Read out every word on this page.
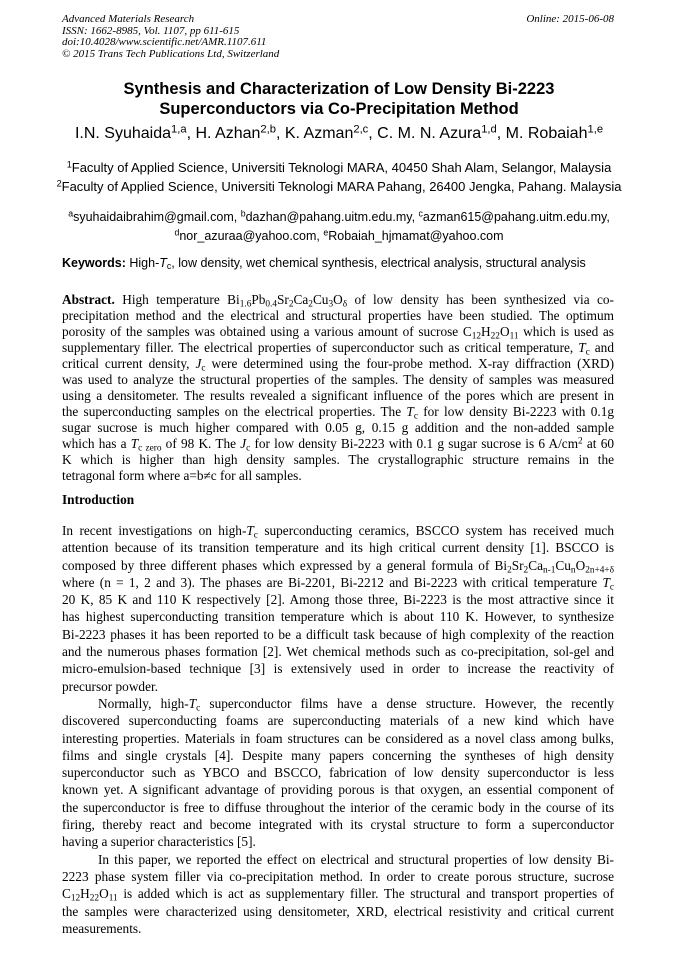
Advanced Materials Research
ISSN: 1662-8985, Vol. 1107, pp 611-615
doi:10.4028/www.scientific.net/AMR.1107.611
© 2015 Trans Tech Publications Ltd, Switzerland
Online: 2015-06-08
Synthesis and Characterization of Low Density Bi-2223
Superconductors via Co-Precipitation Method
I.N. Syuhaida$^{1,a}$, H. Azhan$^{2,b}$, K. Azman$^{2,c}$, C. M. N. Azura$^{1,d}$, M. Robaiah$^{1,e}$
$^1$Faculty of Applied Science, Universiti Teknologi MARA, 40450 Shah Alam, Selangor, Malaysia
$^2$Faculty of Applied Science, Universiti Teknologi MARA Pahang, 26400 Jengka, Pahang. Malaysia
$^a$syuhaidaibrahim@gmail.com, $^b$dazhan@pahang.uitm.edu.my, $^c$azman615@pahang.uitm.edu.my,
$^d$nor_azuraa@yahoo.com, $^e$Robaiah_hjmamat@yahoo.com
Keywords: High-$T_c$, low density, wet chemical synthesis, electrical analysis, structural analysis
Abstract. High temperature $Bi_{1.6}Pb_{0.4}Sr_2Ca_2Cu_3O_\delta$ of low density has been synthesized via co-
precipitation method and the electrical and structural properties have been studied. The optimum
porosity of the samples was obtained using a various amount of sucrose $C_{12}H_{22}O_{11}$ which is used as
supplementary filler. The electrical properties of superconductor such as critical temperature, $T_c$ and
critical current density, $J_c$ were determined using the four-probe method. X-ray diffraction (XRD)
was used to analyze the structural properties of the samples. The density of samples was measured
using a densitometer. The results revealed a significant influence of the pores which are present in
the superconducting samples on the electrical properties. The $T_c$ for low density Bi-2223 with 0.1g
sugar sucrose is much higher compared with 0.05 g, 0.15 g addition and the non-added sample
which has a $T_{c zero}$ of 98 K. The $J_c$ for low density Bi-2223 with 0.1 g sugar sucrose is 6 $A/cm^2$ at 60
K which is higher than high density samples. The crystallographic structure remains in the
tetragonal form where a=b≠c for all samples.
Introduction
In recent investigations on high-$T_c$ superconducting ceramics, BSCCO system has received much
attention because of its transition temperature and its high critical current density [1]. BSCCO is
composed by three different phases which expressed by a general formula of $Bi_2Sr_2Ca_{n-1}Cu_nO_{2n+4+\delta}$
where (n = 1, 2 and 3). The phases are Bi-2201, Bi-2212 and Bi-2223 with critical temperature $T_c$
20 K, 85 K and 110 K respectively [2]. Among those three, Bi-2223 is the most attractive since it
has highest superconducting transition temperature which is about 110 K. However, to synthesize
Bi-2223 phases it has been reported to be a difficult task because of high complexity of the reaction
and the numerous phases formation [2]. Wet chemical methods such as co-precipitation, sol-gel and
micro-emulsion-based technique [3] is extensively used in order to increase the reactivity of
precursor powder.
Normally, high-$T_c$ superconductor films have a dense structure. However, the recently
discovered superconducting foams are superconducting materials of a new kind which have
interesting properties. Materials in foam structures can be considered as a novel class among bulks,
films and single crystals [4]. Despite many papers concerning the syntheses of high density
superconductor such as YBCO and BSCCO, fabrication of low density superconductor is less
known yet. A significant advantage of providing porous is that oxygen, an essential component of
the superconductor is free to diffuse throughout the interior of the ceramic body in the course of its
firing, thereby react and become integrated with its crystal structure to form a superconductor
having a superior characteristics [5].
In this paper, we reported the effect on electrical and structural properties of low density Bi-
2223 phase system filler via co-precipitation method. In order to create porous structure, sucrose
$C_{12}H_{22}O_{11}$ is added which is act as supplementary filler. The structural and transport properties of
the samples were characterized using densitometer, XRD, electrical resistivity and critical current
measurements.
